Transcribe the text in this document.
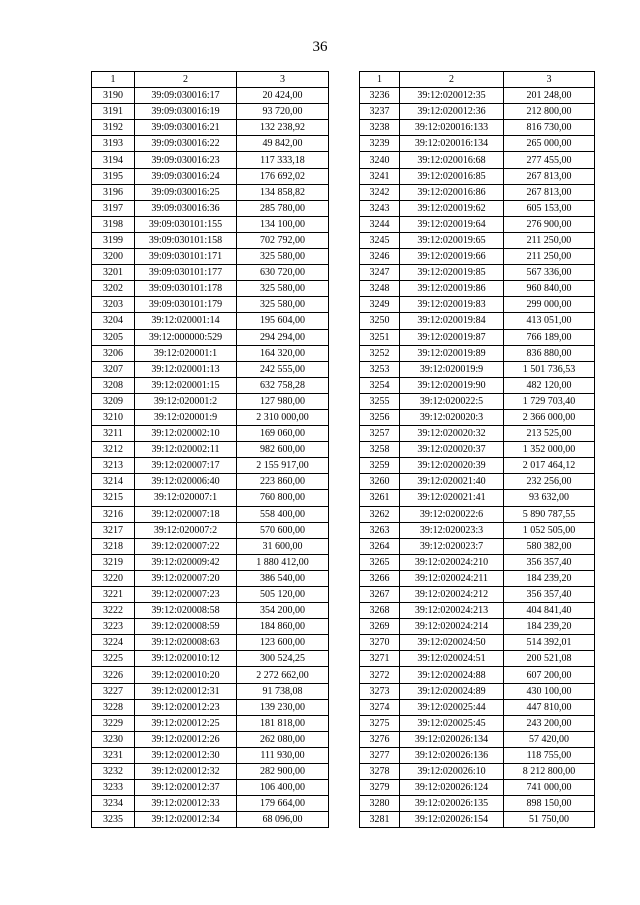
36
1	2	3
3190	39:09:030016:17	20 424,00
3191	39:09:030016:19	93 720,00
3192	39:09:030016:21	132 238,92
3193	39:09:030016:22	49 842,00
3194	39:09:030016:23	117 333,18
3195	39:09:030016:24	176 692,02
3196	39:09:030016:25	134 858,82
3197	39:09:030016:36	285 780,00
3198	39:09:030101:155	134 100,00
3199	39:09:030101:158	702 792,00
3200	39:09:030101:171	325 580,00
3201	39:09:030101:177	630 720,00
3202	39:09:030101:178	325 580,00
3203	39:09:030101:179	325 580,00
3204	39:12:020001:14	195 604,00
3205	39:12:000000:529	294 294,00
3206	39:12:020001:1	164 320,00
3207	39:12:020001:13	242 555,00
3208	39:12:020001:15	632 758,28
3209	39:12:020001:2	127 980,00
3210	39:12:020001:9	2 310 000,00
3211	39:12:020002:10	169 060,00
3212	39:12:020002:11	982 600,00
3213	39:12:020007:17	2 155 917,00
3214	39:12:020006:40	223 860,00
3215	39:12:020007:1	760 800,00
3216	39:12:020007:18	558 400,00
3217	39:12:020007:2	570 600,00
3218	39:12:020007:22	31 600,00
3219	39:12:020009:42	1 880 412,00
3220	39:12:020007:20	386 540,00
3221	39:12:020007:23	505 120,00
3222	39:12:020008:58	354 200,00
3223	39:12:020008:59	184 860,00
3224	39:12:020008:63	123 600,00
3225	39:12:020010:12	300 524,25
3226	39:12:020010:20	2 272 662,00
3227	39:12:020012:31	91 738,08
3228	39:12:020012:23	139 230,00
3229	39:12:020012:25	181 818,00
3230	39:12:020012:26	262 080,00
3231	39:12:020012:30	111 930,00
3232	39:12:020012:32	282 900,00
3233	39:12:020012:37	106 400,00
3234	39:12:020012:33	179 664,00
3235	39:12:020012:34	68 096,00
1	2	3
3236	39:12:020012:35	201 248,00
3237	39:12:020012:36	212 800,00
3238	39:12:020016:133	816 730,00
3239	39:12:020016:134	265 000,00
3240	39:12:020016:68	277 455,00
3241	39:12:020016:85	267 813,00
3242	39:12:020016:86	267 813,00
3243	39:12:020019:62	605 153,00
3244	39:12:020019:64	276 900,00
3245	39:12:020019:65	211 250,00
3246	39:12:020019:66	211 250,00
3247	39:12:020019:85	567 336,00
3248	39:12:020019:86	960 840,00
3249	39:12:020019:83	299 000,00
3250	39:12:020019:84	413 051,00
3251	39:12:020019:87	766 189,00
3252	39:12:020019:89	836 880,00
3253	39:12:020019:9	1 501 736,53
3254	39:12:020019:90	482 120,00
3255	39:12:020022:5	1 729 703,40
3256	39:12:020020:3	2 366 000,00
3257	39:12:020020:32	213 525,00
3258	39:12:020020:37	1 352 000,00
3259	39:12:020020:39	2 017 464,12
3260	39:12:020021:40	232 256,00
3261	39:12:020021:41	93 632,00
3262	39:12:020022:6	5 890 787,55
3263	39:12:020023:3	1 052 505,00
3264	39:12:020023:7	580 382,00
3265	39:12:020024:210	356 357,40
3266	39:12:020024:211	184 239,20
3267	39:12:020024:212	356 357,40
3268	39:12:020024:213	404 841,40
3269	39:12:020024:214	184 239,20
3270	39:12:020024:50	514 392,01
3271	39:12:020024:51	200 521,08
3272	39:12:020024:88	607 200,00
3273	39:12:020024:89	430 100,00
3274	39:12:020025:44	447 810,00
3275	39:12:020025:45	243 200,00
3276	39:12:020026:134	57 420,00
3277	39:12:020026:136	118 755,00
3278	39:12:020026:10	8 212 800,00
3279	39:12:020026:124	741 000,00
3280	39:12:020026:135	898 150,00
3281	39:12:020026:154	51 750,00
